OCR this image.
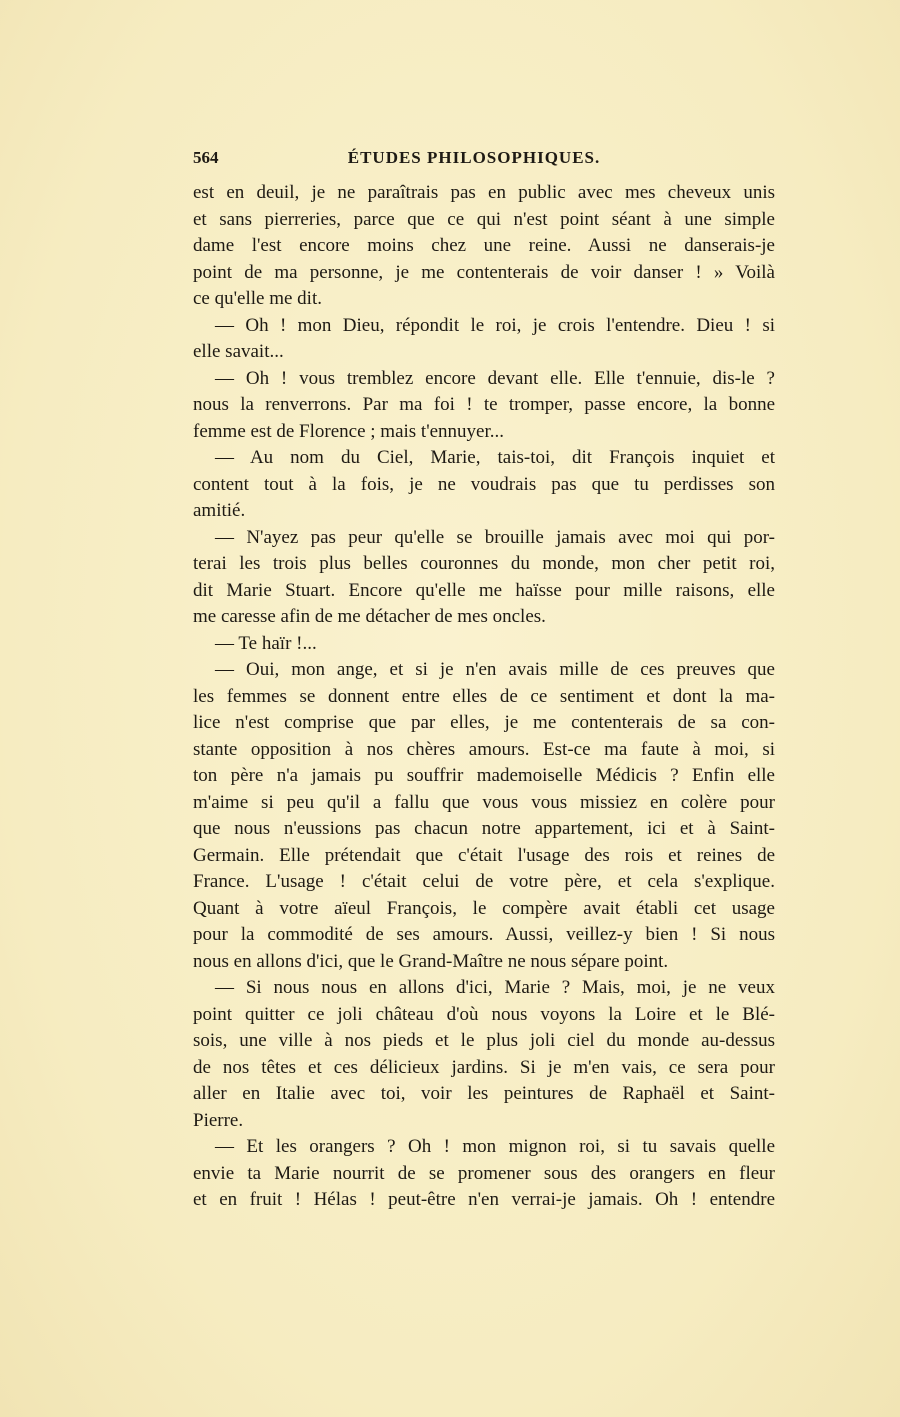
564	ÉTUDES PHILOSOPHIQUES.
est en deuil, je ne paraîtrais pas en public avec mes cheveux unis
et sans pierreries, parce que ce qui n'est point séant à une simple
dame l'est encore moins chez une reine. Aussi ne danserais-je
point de ma personne, je me contenterais de voir danser ! » Voilà
ce qu'elle me dit.
— Oh ! mon Dieu, répondit le roi, je crois l'entendre. Dieu ! si
elle savait...
— Oh ! vous tremblez encore devant elle. Elle t'ennuie, dis-le ?
nous la renverrons. Par ma foi ! te tromper, passe encore, la bonne
femme est de Florence ; mais t'ennuyer...
— Au nom du Ciel, Marie, tais-toi, dit François inquiet et
content tout à la fois, je ne voudrais pas que tu perdisses son
amitié.
— N'ayez pas peur qu'elle se brouille jamais avec moi qui por-
terai les trois plus belles couronnes du monde, mon cher petit roi,
dit Marie Stuart. Encore qu'elle me haïsse pour mille raisons, elle
me caresse afin de me détacher de mes oncles.
— Te haïr !...
— Oui, mon ange, et si je n'en avais mille de ces preuves que
les femmes se donnent entre elles de ce sentiment et dont la ma-
lice n'est comprise que par elles, je me contenterais de sa con-
stante opposition à nos chères amours. Est-ce ma faute à moi, si
ton père n'a jamais pu souffrir mademoiselle Médicis ? Enfin elle
m'aime si peu qu'il a fallu que vous vous missiez en colère pour
que nous n'eussions pas chacun notre appartement, ici et à Saint-
Germain. Elle prétendait que c'était l'usage des rois et reines de
France. L'usage ! c'était celui de votre père, et cela s'explique.
Quant à votre aïeul François, le compère avait établi cet usage
pour la commodité de ses amours. Aussi, veillez-y bien ! Si nous
nous en allons d'ici, que le Grand-Maître ne nous sépare point.
— Si nous nous en allons d'ici, Marie ? Mais, moi, je ne veux
point quitter ce joli château d'où nous voyons la Loire et le Blé-
sois, une ville à nos pieds et le plus joli ciel du monde au-dessus
de nos têtes et ces délicieux jardins. Si je m'en vais, ce sera pour
aller en Italie avec toi, voir les peintures de Raphaël et Saint-
Pierre.
— Et les orangers ? Oh ! mon mignon roi, si tu savais quelle
envie ta Marie nourrit de se promener sous des orangers en fleur
et en fruit ! Hélas ! peut-être n'en verrai-je jamais. Oh ! entendre
